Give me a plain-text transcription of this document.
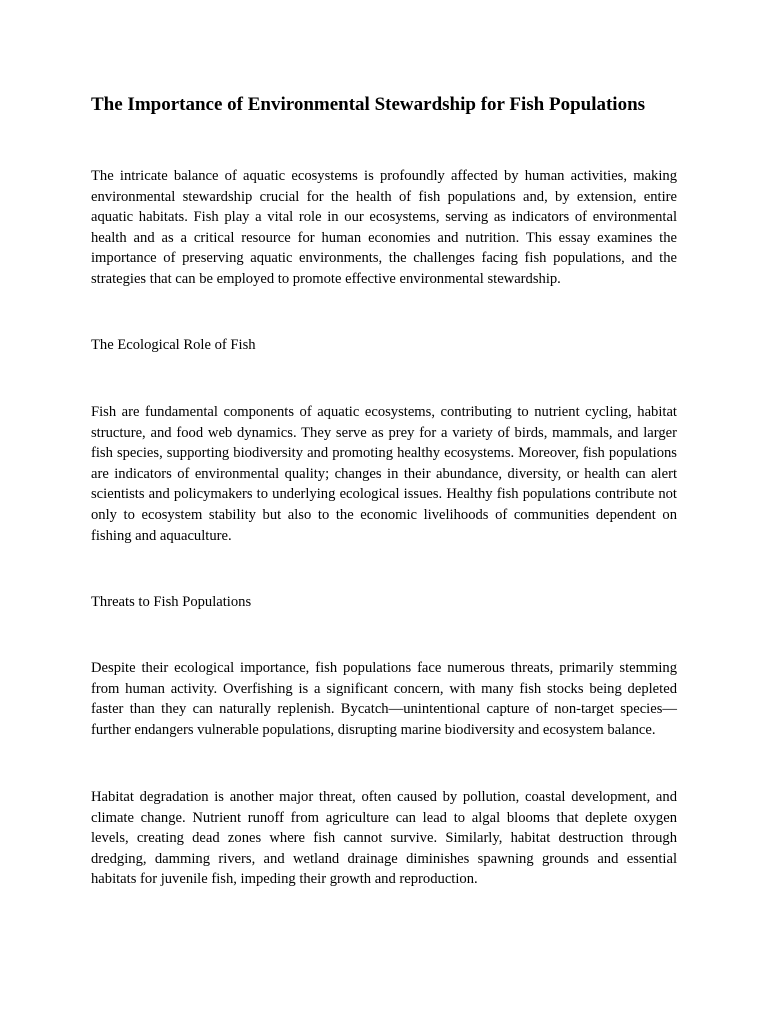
The Importance of Environmental Stewardship for Fish Populations

The intricate balance of aquatic ecosystems is profoundly affected by human activities, making environmental stewardship crucial for the health of fish populations and, by extension, entire aquatic habitats. Fish play a vital role in our ecosystems, serving as indicators of environmental health and as a critical resource for human economies and nutrition. This essay examines the importance of preserving aquatic environments, the challenges facing fish populations, and the strategies that can be employed to promote effective environmental stewardship.

The Ecological Role of Fish

Fish are fundamental components of aquatic ecosystems, contributing to nutrient cycling, habitat structure, and food web dynamics. They serve as prey for a variety of birds, mammals, and larger fish species, supporting biodiversity and promoting healthy ecosystems. Moreover, fish populations are indicators of environmental quality; changes in their abundance, diversity, or health can alert scientists and policymakers to underlying ecological issues. Healthy fish populations contribute not only to ecosystem stability but also to the economic livelihoods of communities dependent on fishing and aquaculture.

Threats to Fish Populations

Despite their ecological importance, fish populations face numerous threats, primarily stemming from human activity. Overfishing is a significant concern, with many fish stocks being depleted faster than they can naturally replenish. Bycatch—unintentional capture of non-target species—further endangers vulnerable populations, disrupting marine biodiversity and ecosystem balance.

Habitat degradation is another major threat, often caused by pollution, coastal development, and climate change. Nutrient runoff from agriculture can lead to algal blooms that deplete oxygen levels, creating dead zones where fish cannot survive. Similarly, habitat destruction through dredging, damming rivers, and wetland drainage diminishes spawning grounds and essential habitats for juvenile fish, impeding their growth and reproduction.
